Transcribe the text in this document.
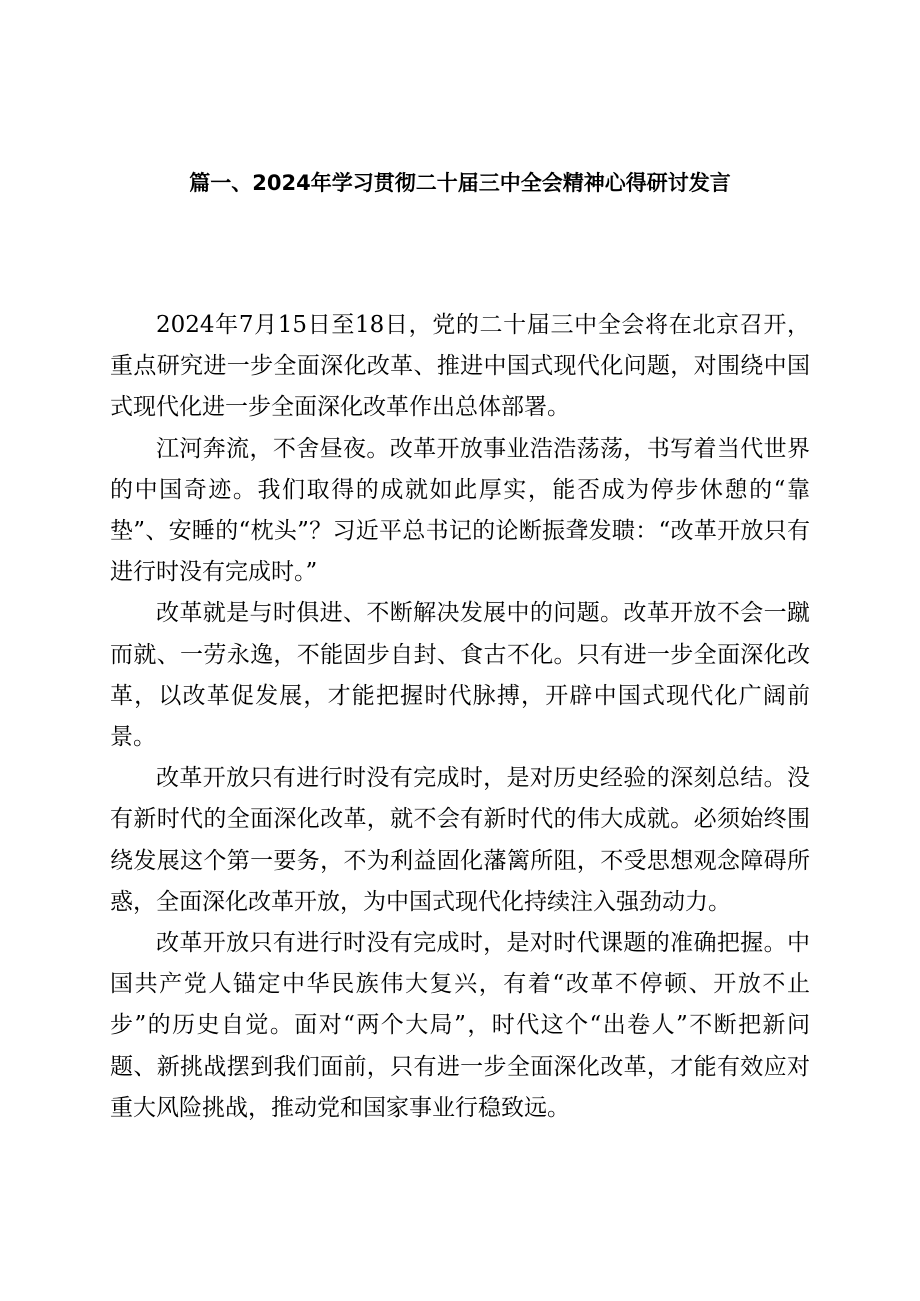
篇一、2024年学习贯彻二十届三中全会精神心得研讨发言

2024年7月15日至18日，党的二十届三中全会将在北京召开，重点研究进一步全面深化改革、推进中国式现代化问题，对围绕中国式现代化进一步全面深化改革作出总体部署。

江河奔流，不舍昼夜。改革开放事业浩浩荡荡，书写着当代世界的中国奇迹。我们取得的成就如此厚实，能否成为停步休憩的“靠垫”、安睡的“枕头”？习近平总书记的论断振聋发聩：“改革开放只有进行时没有完成时。”

改革就是与时俱进、不断解决发展中的问题。改革开放不会一蹴而就、一劳永逸，不能固步自封、食古不化。只有进一步全面深化改革，以改革促发展，才能把握时代脉搏，开辟中国式现代化广阔前景。

改革开放只有进行时没有完成时，是对历史经验的深刻总结。没有新时代的全面深化改革，就不会有新时代的伟大成就。必须始终围绕发展这个第一要务，不为利益固化藩篱所阻，不受思想观念障碍所惑，全面深化改革开放，为中国式现代化持续注入强劲动力。

改革开放只有进行时没有完成时，是对时代课题的准确把握。中国共产党人锚定中华民族伟大复兴，有着“改革不停顿、开放不止步”的历史自觉。面对“两个大局”，时代这个“出卷人”不断把新问题、新挑战摆到我们面前，只有进一步全面深化改革，才能有效应对重大风险挑战，推动党和国家事业行稳致远。
